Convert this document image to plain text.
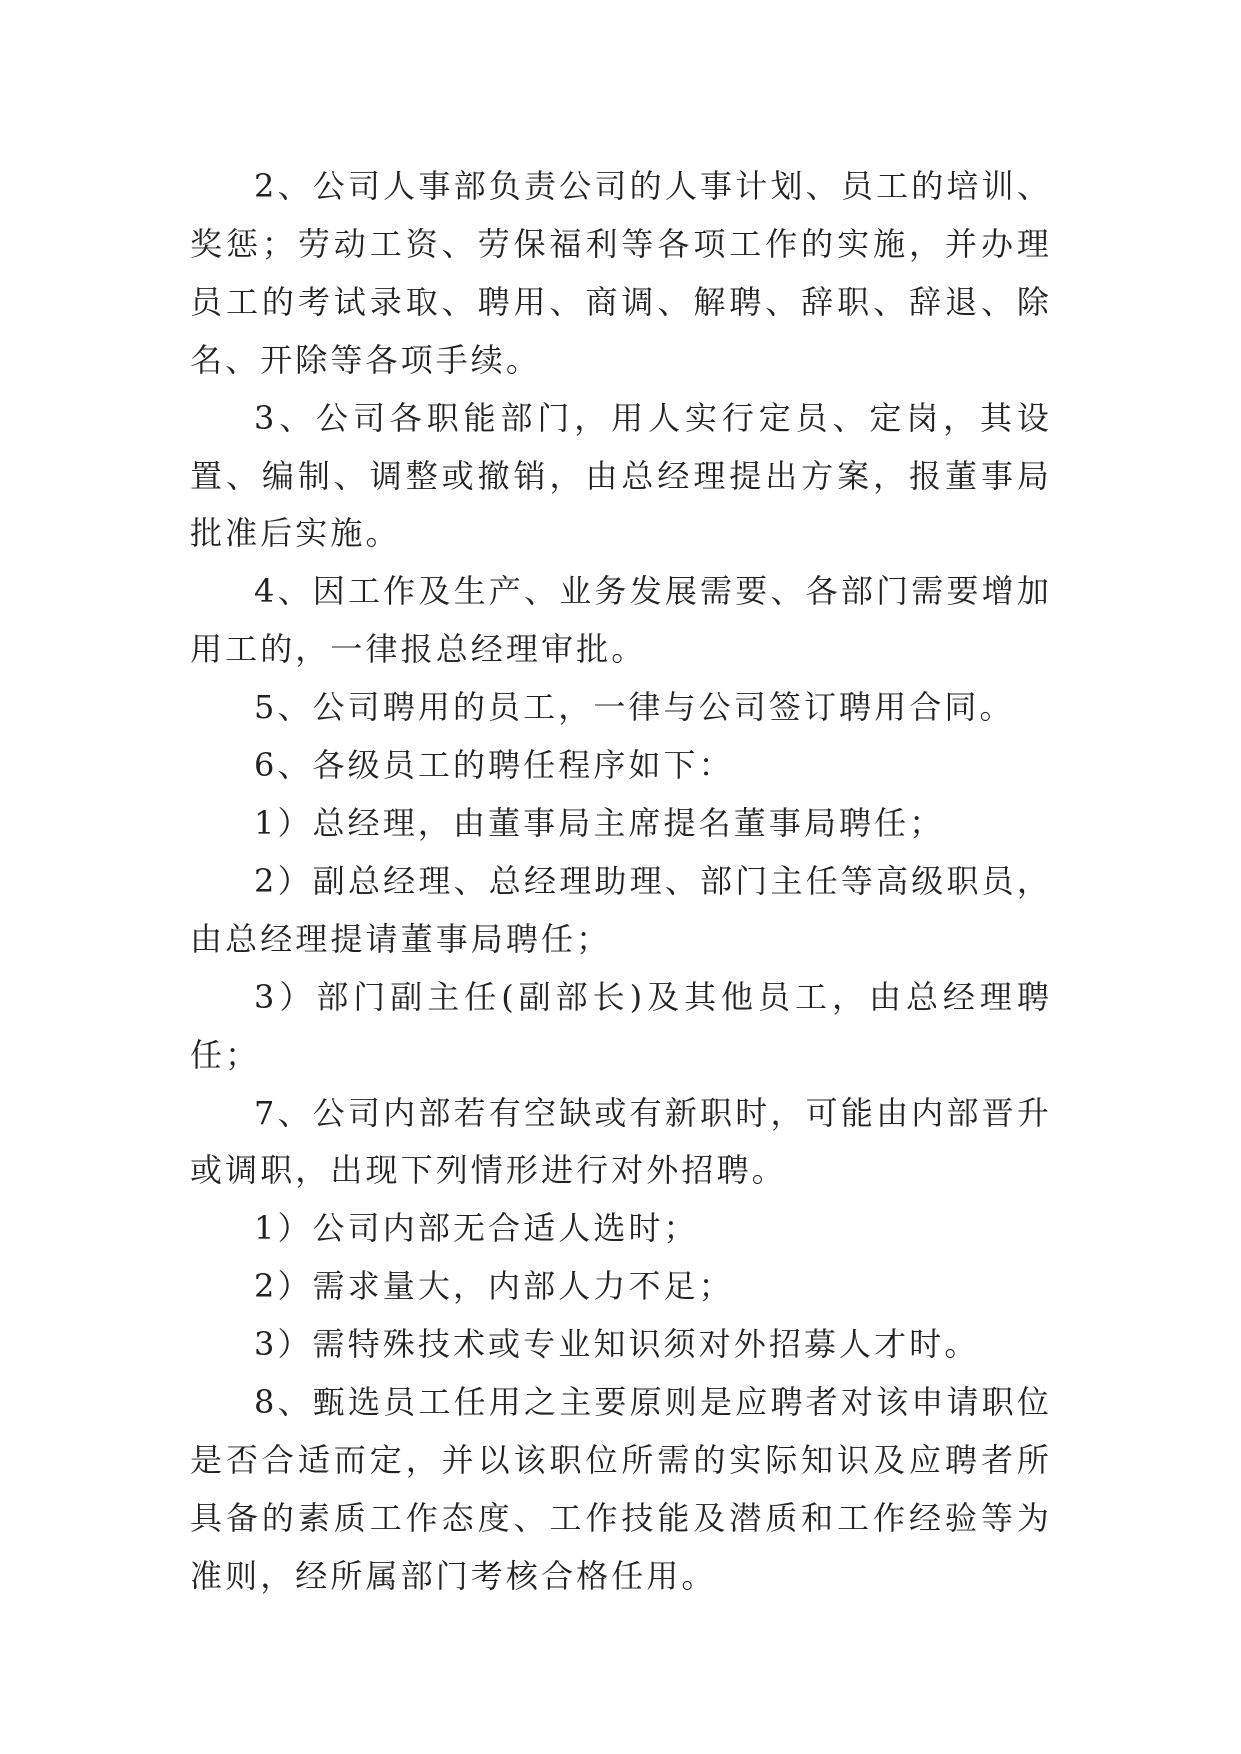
2、公司人事部负责公司的人事计划、员工的培训、奖惩；劳动工资、劳保福利等各项工作的实施，并办理员工的考试录取、聘用、商调、解聘、辞职、辞退、除名、开除等各项手续。

3、公司各职能部门，用人实行定员、定岗，其设置、编制、调整或撤销，由总经理提出方案，报董事局批准后实施。

4、因工作及生产、业务发展需要、各部门需要增加用工的，一律报总经理审批。

5、公司聘用的员工，一律与公司签订聘用合同。

6、各级员工的聘任程序如下：

1）总经理，由董事局主席提名董事局聘任；

2）副总经理、总经理助理、部门主任等高级职员，由总经理提请董事局聘任；

3）部门副主任(副部长)及其他员工，由总经理聘任；

7、公司内部若有空缺或有新职时，可能由内部晋升或调职，出现下列情形进行对外招聘。

1）公司内部无合适人选时；

2）需求量大，内部人力不足；

3）需特殊技术或专业知识须对外招募人才时。

8、甄选员工任用之主要原则是应聘者对该申请职位是否合适而定，并以该职位所需的实际知识及应聘者所具备的素质工作态度、工作技能及潜质和工作经验等为准则，经所属部门考核合格任用。
